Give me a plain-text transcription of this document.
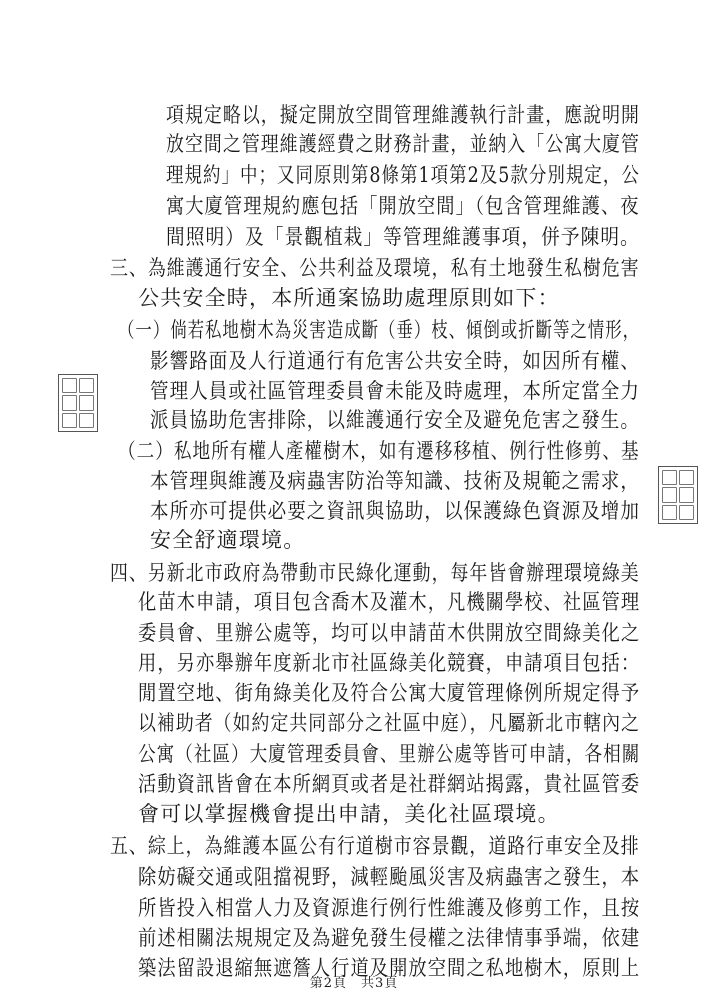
項規定略以，擬定開放空間管理維護執行計畫，應說明開
放空間之管理維護經費之財務計畫，並納入「公寓大廈管
理規約」中；又同原則第8條第1項第2及5款分別規定，公
寓大廈管理規約應包括「開放空間」（包含管理維護、夜
間照明）及「景觀植栽」等管理維護事項，併予陳明。
三、為維護通行安全、公共利益及環境，私有土地發生私樹危害
公共安全時，本所通案協助處理原則如下：
（一）倘若私地樹木為災害造成斷（垂）枝、傾倒或折斷等之情形，
影響路面及人行道通行有危害公共安全時，如因所有權、
管理人員或社區管理委員會未能及時處理，本所定當全力
派員協助危害排除，以維護通行安全及避免危害之發生。
（二）私地所有權人產權樹木，如有遷移移植、例行性修剪、基
本管理與維護及病蟲害防治等知識、技術及規範之需求，
本所亦可提供必要之資訊與協助，以保護綠色資源及增加
安全舒適環境。
四、另新北市政府為帶動市民綠化運動，每年皆會辦理環境綠美
化苗木申請，項目包含喬木及灌木，凡機關學校、社區管理
委員會、里辦公處等，均可以申請苗木供開放空間綠美化之
用，另亦舉辦年度新北市社區綠美化競賽，申請項目包括：
閒置空地、街角綠美化及符合公寓大廈管理條例所規定得予
以補助者（如約定共同部分之社區中庭），凡屬新北市轄內之
公寓（社區）大廈管理委員會、里辦公處等皆可申請，各相關
活動資訊皆會在本所網頁或者是社群網站揭露，貴社區管委
會可以掌握機會提出申請，美化社區環境。
五、綜上，為維護本區公有行道樹市容景觀，道路行車安全及排
除妨礙交通或阻擋視野，減輕颱風災害及病蟲害之發生，本
所皆投入相當人力及資源進行例行性維護及修剪工作，且按
前述相關法規規定及為避免發生侵權之法律情事爭端，依建
築法留設退縮無遮簷人行道及開放空間之私地樹木，原則上
第2頁　共3頁
